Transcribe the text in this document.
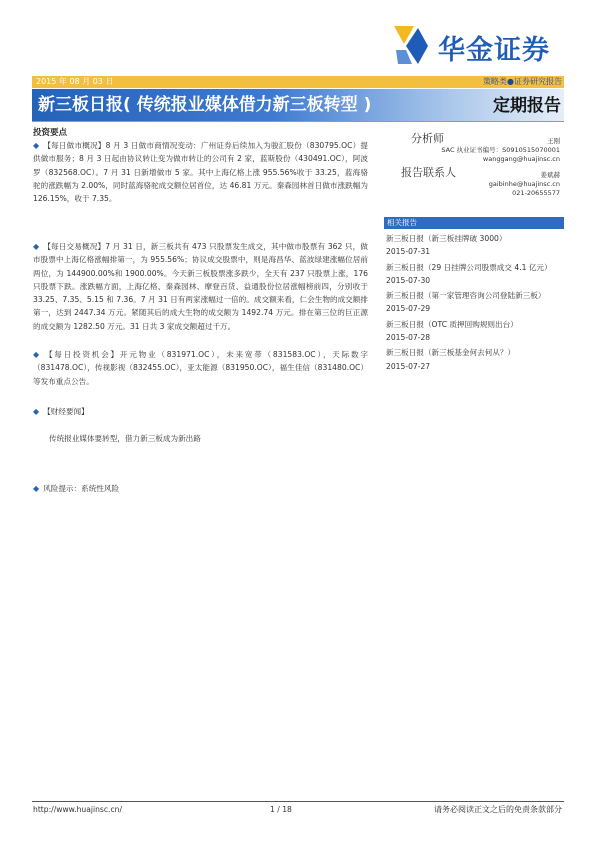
华金证券
2015 年 08 月 03 日	策略类●证券研究报告
新三板日报( 传统报业媒体借力新三板转型 )	定期报告
投资要点
◆ 【每日做市概况】8 月 3 日做市商情况变动：广州证券后续加入为骏汇股份（830795.OC）提供做市服务；8 月 3 日起由协议转让变为做市转让的公司有 2 家，蓝斯股份（430491.OC），阿波罗（832568.OC）。7 月 31 日新增做市 5 家。其中上海亿格上涨 955.56%收于 33.25，蓝海骆驼的涨跌幅为 2.00%，同时蓝海骆驼成交额位居首位，达 46.81 万元。秦森园林首日做市涨跌幅为 126.15%，收于 7.35。
◆ 【每日交易概况】7 月 31 日，新三板共有 473 只股票发生成交，其中做市股票有 362 只，做市股票中上海亿格涨幅排第一，为 955.56%；协议成交股票中，则是海昌华、蓝波绿建涨幅位居前两位，为 144900.00%和 1900.00%。今天新三板股票涨多跌少，全天有 237 只股票上涨，176 只股票下跌。涨跌幅方面，上海亿格、秦森园林、摩登百货、益通股份位居涨幅榜前四，分别收于 33.25、7.35、5.15 和 7.36。7 月 31 日有两家涨幅过一倍的。成交额来看，仁会生物的成交额排第一，达到 2447.34 万元。紧随其后的成大生物的成交额为 1492.74 万元。排在第三位的巨正源的成交额为 1282.50 万元。31 日共 3 家成交额超过千万。
◆ 【每日投资机会】开元物业（831971.OC），未来宽带（831583.OC），天际数字（831478.OC），传视影视（832455.OC），亚太能源（831950.OC），福生佳信（831480.OC）等发布重点公告。
◆ 【财经要闻】
传统报业媒体要转型，借力新三板成为新出路
◆ 风险提示：系统性风险
分析师	王刚
SAC 执业证书编号：S0910515070001
wanggang@huajinsc.cn
报告联系人	姜斌赫
gaibinhe@huajinsc.cn
021-20655577
相关报告
新三板日报（新三板挂牌破 3000）
2015-07-31
新三板日报（29 日挂牌公司股票成交 4.1 亿元）
2015-07-30
新三板日报（第一家管理咨询公司登陆新三板）
2015-07-29
新三板日报（OTC 质押回购规则出台）
2015-07-28
新三板日报（新三板基金何去何从？）
2015-07-27
http://www.huajinsc.cn/	1 / 18	请务必阅读正文之后的免责条款部分
